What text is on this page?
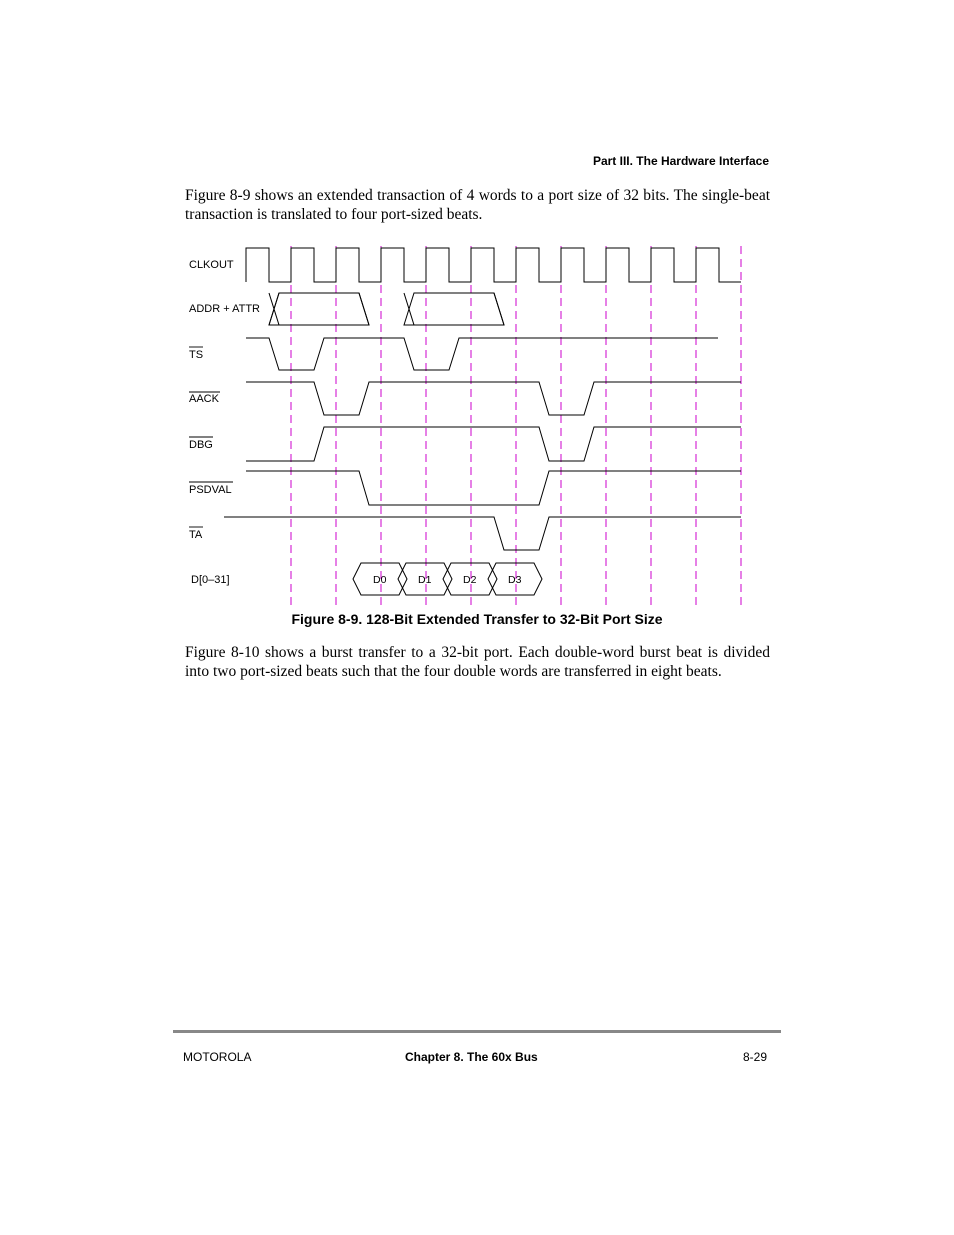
Part III. The Hardware Interface

Figure 8-9 shows an extended transaction of 4 words to a port size of 32 bits. The single-beat transaction is translated to four port-sized beats.

CLKOUT
ADDR + ATTR
TS
AACK
DBG
PSDVAL
TA
D[0–31]	D0	D1	D2	D3
Figure 8-9. 128-Bit Extended Transfer to 32-Bit Port Size

Figure 8-10 shows a burst transfer to a 32-bit port. Each double-word burst beat is divided into two port-sized beats such that the four double words are transferred in eight beats.

MOTOROLA	Chapter 8. The 60x Bus	8-29
